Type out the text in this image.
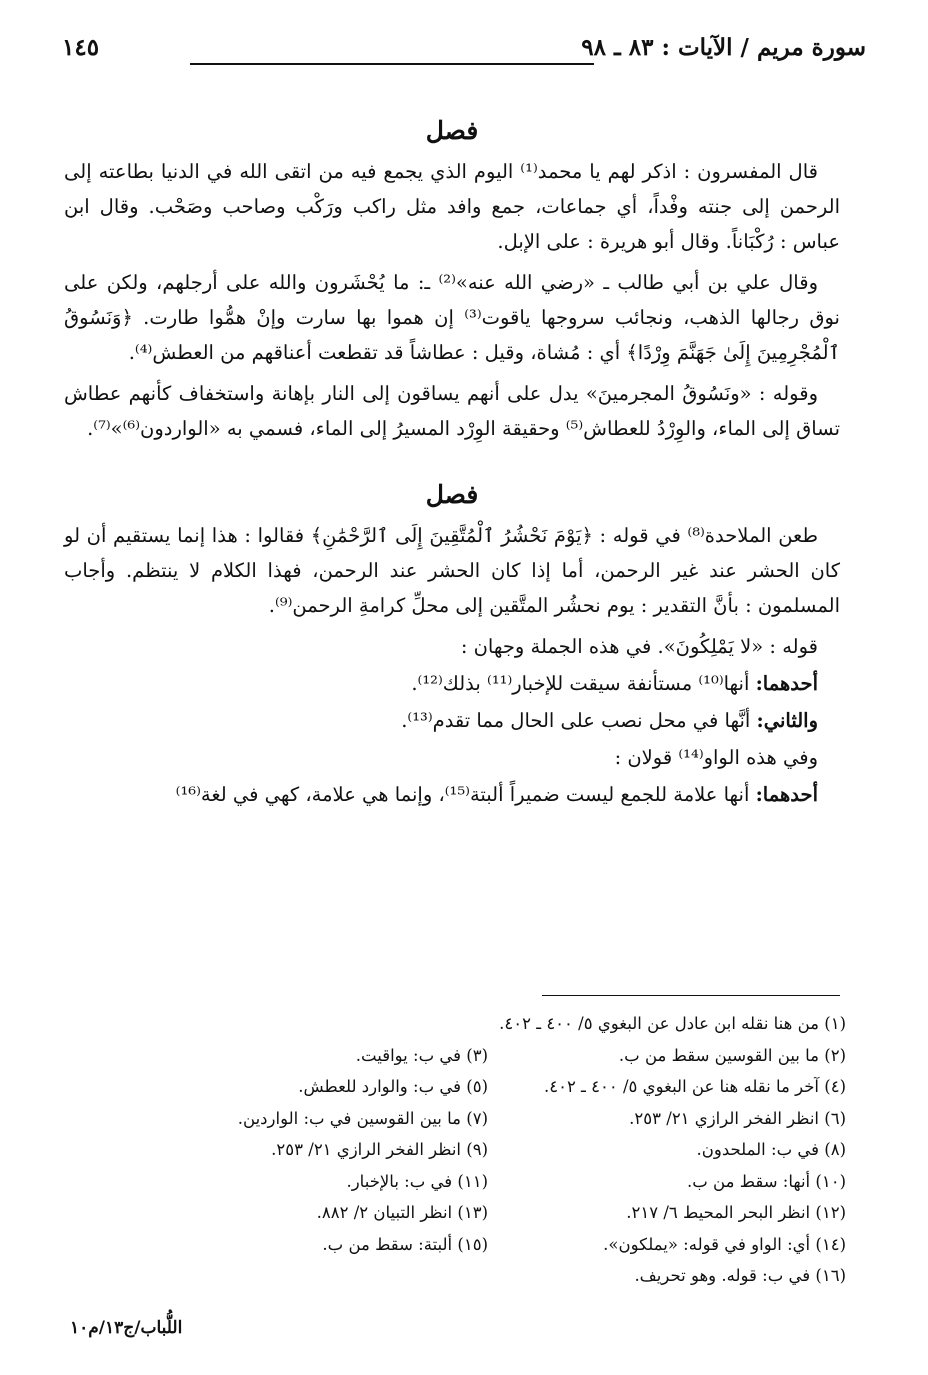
سورة مريم / الآيات : ٨٣ ـ ٩٨
١٤٥
فصل

قال المفسرون : اذكر لهم يا محمد⁽¹⁾ اليوم الذي يجمع فيه من اتقى الله في الدنيا بطاعته إلى الرحمن إلى جنته وفْداً، أي جماعات، جمع وافد مثل راكب ورَكْب وصاحب وصَحْب. وقال ابن عباس : رُكْبَاناً. وقال أبو هريرة : على الإبل.

وقال علي بن أبي طالب ـ «رضي الله عنه»⁽²⁾ ـ: ما يُحْشَرون والله على أرجلهم، ولكن على نوق رجالها الذهب، ونجائب سروجها ياقوت⁽³⁾ إن هموا بها سارت وإنْ همُّوا طارت. ﴿وَنَسُوقُ ٱلْمُجْرِمِينَ إِلَىٰ جَهَنَّمَ وِرْدًا﴾ أي : مُشاة، وقيل : عطاشاً قد تقطعت أعناقهم من العطش⁽⁴⁾.

وقوله : «ونَسُوقُ المجرمينَ» يدل على أنهم يساقون إلى النار بإهانة واستخفاف كأنهم عطاش تساق إلى الماء، والوِرْدُ للعطاش⁽⁵⁾ وحقيقة الوِرْد المسيرُ إلى الماء، فسمي به «الواردون⁽⁶⁾»⁽⁷⁾.

فصل

طعن الملاحدة⁽⁸⁾ في قوله : ﴿يَوْمَ نَحْشُرُ ٱلْمُتَّقِينَ إِلَى ٱلرَّحْمَٰنِ﴾ فقالوا : هذا إنما يستقيم أن لو كان الحشر عند غير الرحمن، أما إذا كان الحشر عند الرحمن، فهذا الكلام لا ينتظم. وأجاب المسلمون : بأنَّ التقدير : يوم نحشُر المتَّقين إلى محلِّ كرامةِ الرحمن⁽⁹⁾.

قوله : «لا يَمْلِكُونَ». في هذه الجملة وجهان :

أحدهما: أنها⁽¹⁰⁾ مستأنفة سيقت للإخبار⁽¹¹⁾ بذلك⁽¹²⁾.

والثاني: أنَّها في محل نصب على الحال مما تقدم⁽¹³⁾.

وفي هذه الواو⁽¹⁴⁾ قولان :

أحدهما: أنها علامة للجمع ليست ضميراً ألبتة⁽¹⁵⁾، وإنما هي علامة، كهي في لغة⁽¹⁶⁾

(١) من هنا نقله ابن عادل عن البغوي ٥/ ٤٠٠ ـ ٤٠٢.
(٢) ما بين القوسين سقط من ب.
(٣) في ب: يواقيت.
(٤) آخر ما نقله هنا عن البغوي ٥/ ٤٠٠ ـ ٤٠٢.
(٥) في ب: والوارد للعطش.
(٦) انظر الفخر الرازي ٢١/ ٢٥٣.
(٧) ما بين القوسين في ب: الواردين.
(٨) في ب: الملحدون.
(٩) انظر الفخر الرازي ٢١/ ٢٥٣.
(١٠) أنها: سقط من ب.
(١١) في ب: بالإخبار.
(١٢) انظر البحر المحيط ٦/ ٢١٧.
(١٣) انظر التبيان ٢/ ٨٨٢.
(١٤) أي: الواو في قوله: «يملكون».
(١٥) ألبتة: سقط من ب.
(١٦) في ب: قوله. وهو تحريف.
اللُّباب/ج١٣/م١٠
